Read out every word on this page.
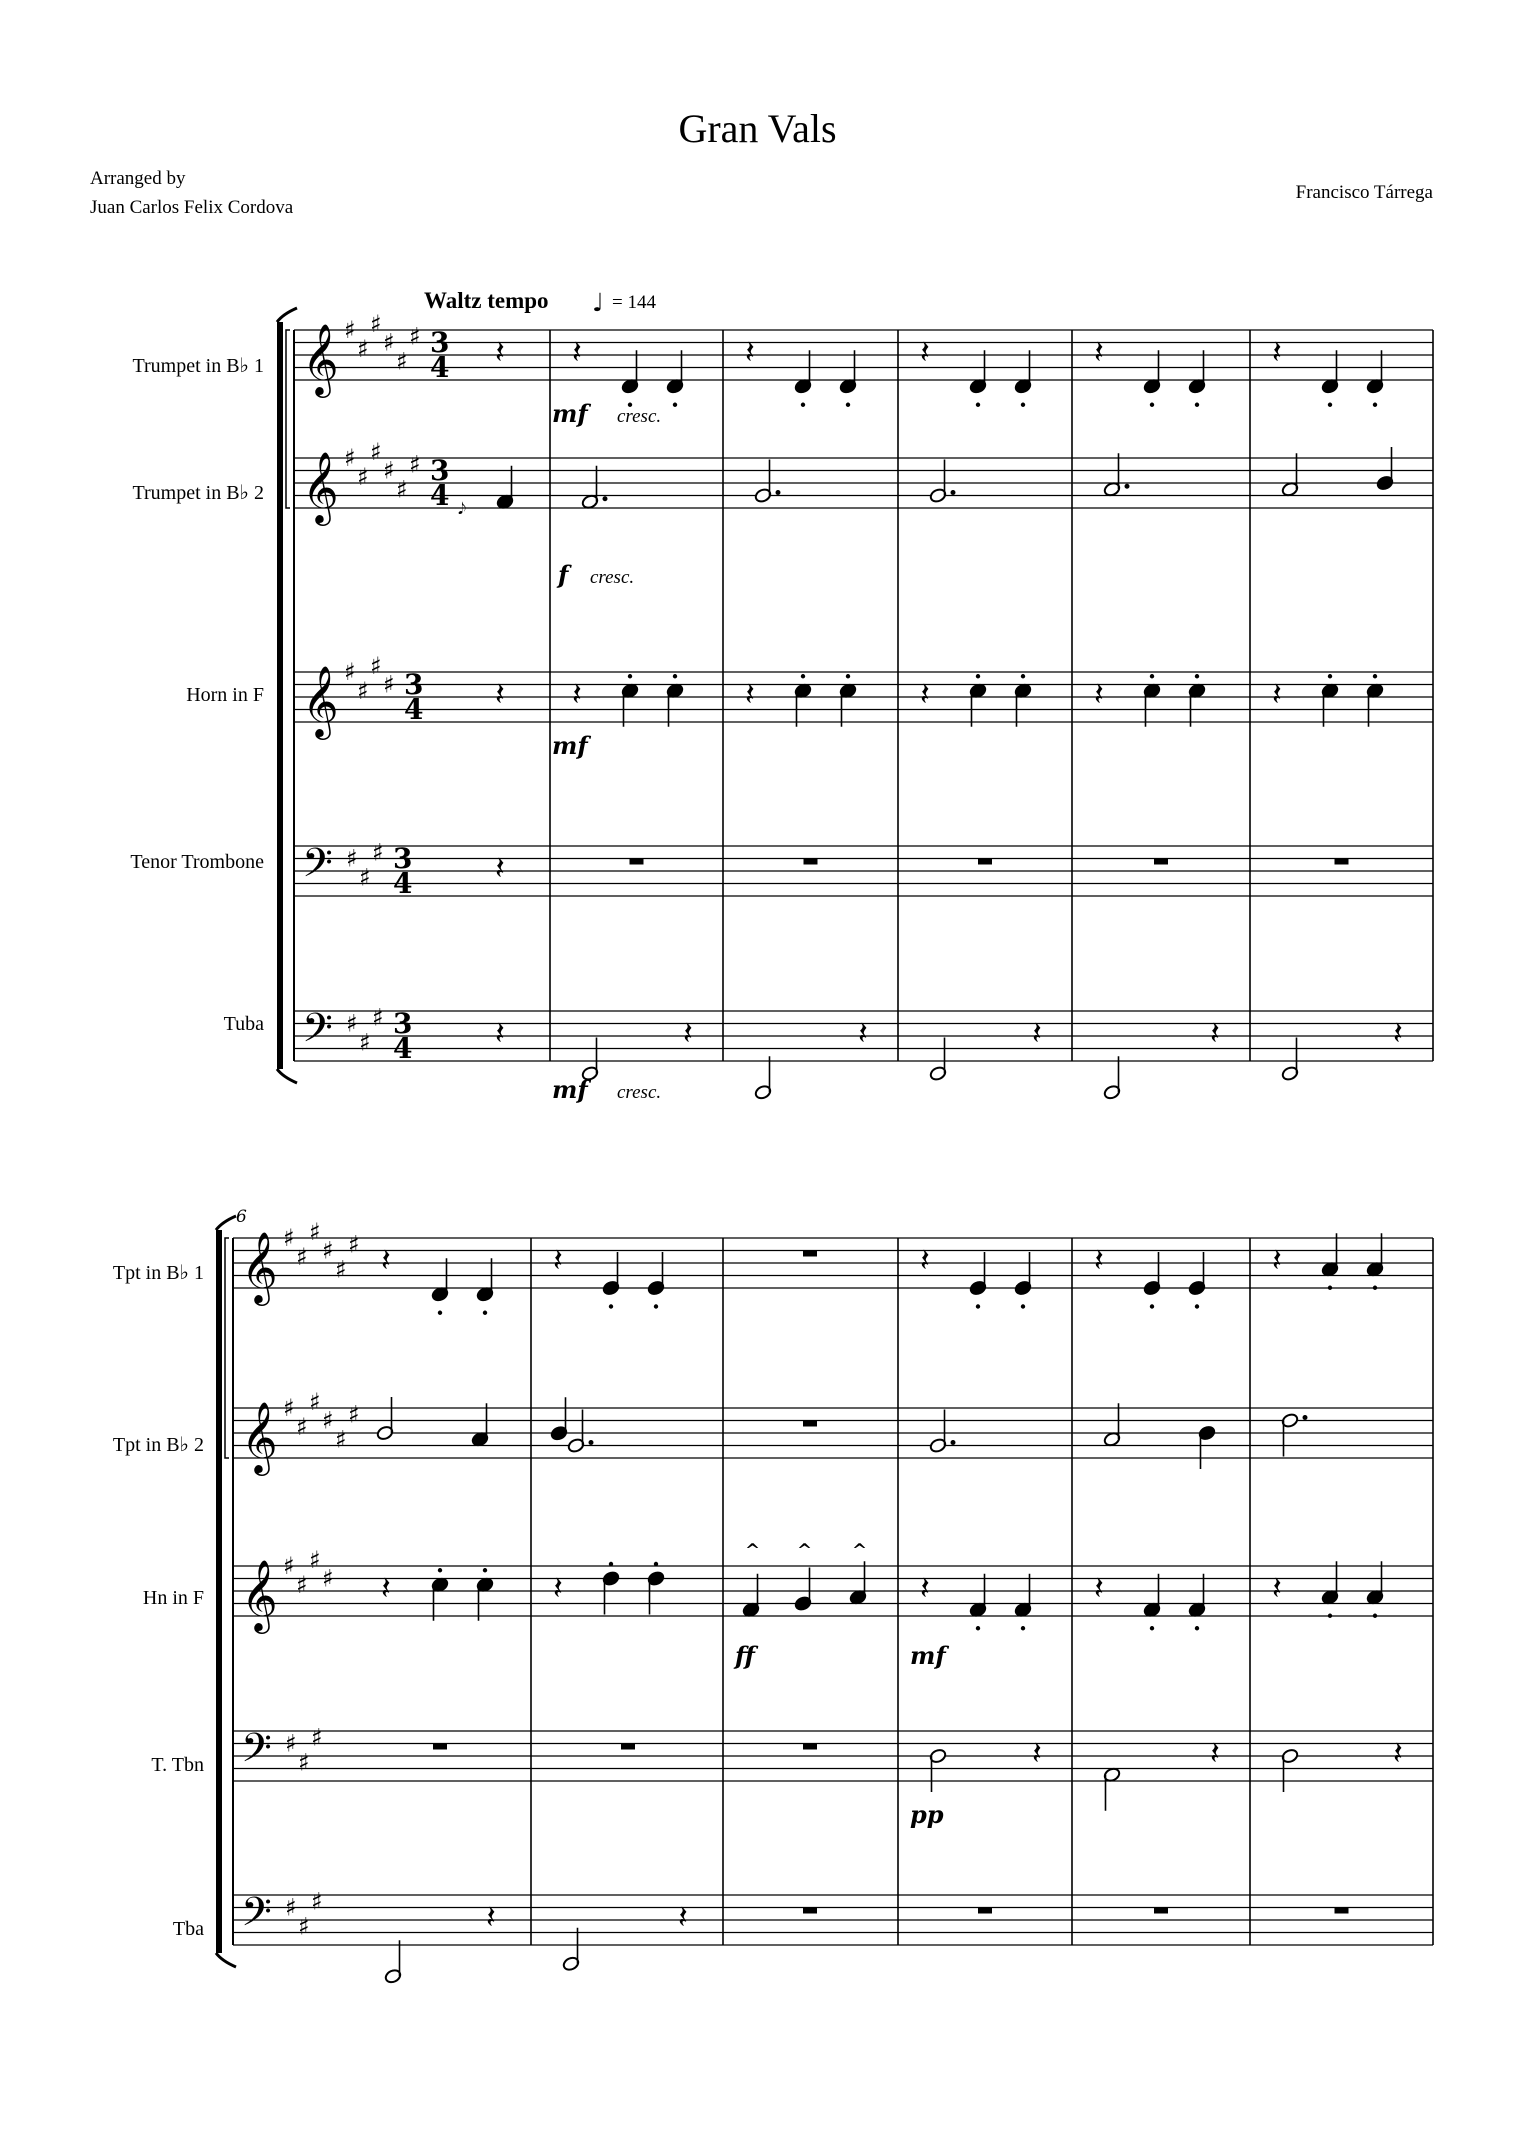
Gran Vals
Arranged by
Juan Carlos Felix Cordova
Francisco Tárrega
Waltz tempo ♩ = 144
Trumpet in B♭ 1
Trumpet in B♭ 2
Horn in F
Tenor Trombone
Tuba
Tpt in B♭ 1
Tpt in B♭ 2
Hn in F
T. Tbn
Tba
𝄞 ♯
♯
♯
♯
♯
♯ 3
4
𝄞 ♯
♯
♯
♯
♯
♯ 3
4
𝄞 ♯
♯
♯
♯ 3
4
𝄢 ♯
♯
♯ 3
4
𝄢 ♯
♯
♯ 3
4
𝄞 ♯
♯
♯
♯
♯
♯
𝄞 ♯
♯
♯
♯
♯
♯
𝄞 ♯
♯
♯
♯
𝄢 ♯
♯
♯
𝄢 ♯
♯
♯
6
𝄽
𝄽
𝄽
𝄽
𝅘𝅥𝅮
𝄽
𝄽
𝄽
𝄽
𝄽
𝄽
𝄽
𝄽
𝄽
𝄽
𝄽
𝄽
𝄽
𝄽
𝄽
mf cresc.
f cresc.
mf
mf cresc.
𝄽
𝄽
𝄽
𝄽
𝄽
𝄽
^ ^ ^
𝄽
𝄽
𝄽
𝄽
𝄽
𝄽
𝄽
𝄽
𝄽
ff	mf
pp
